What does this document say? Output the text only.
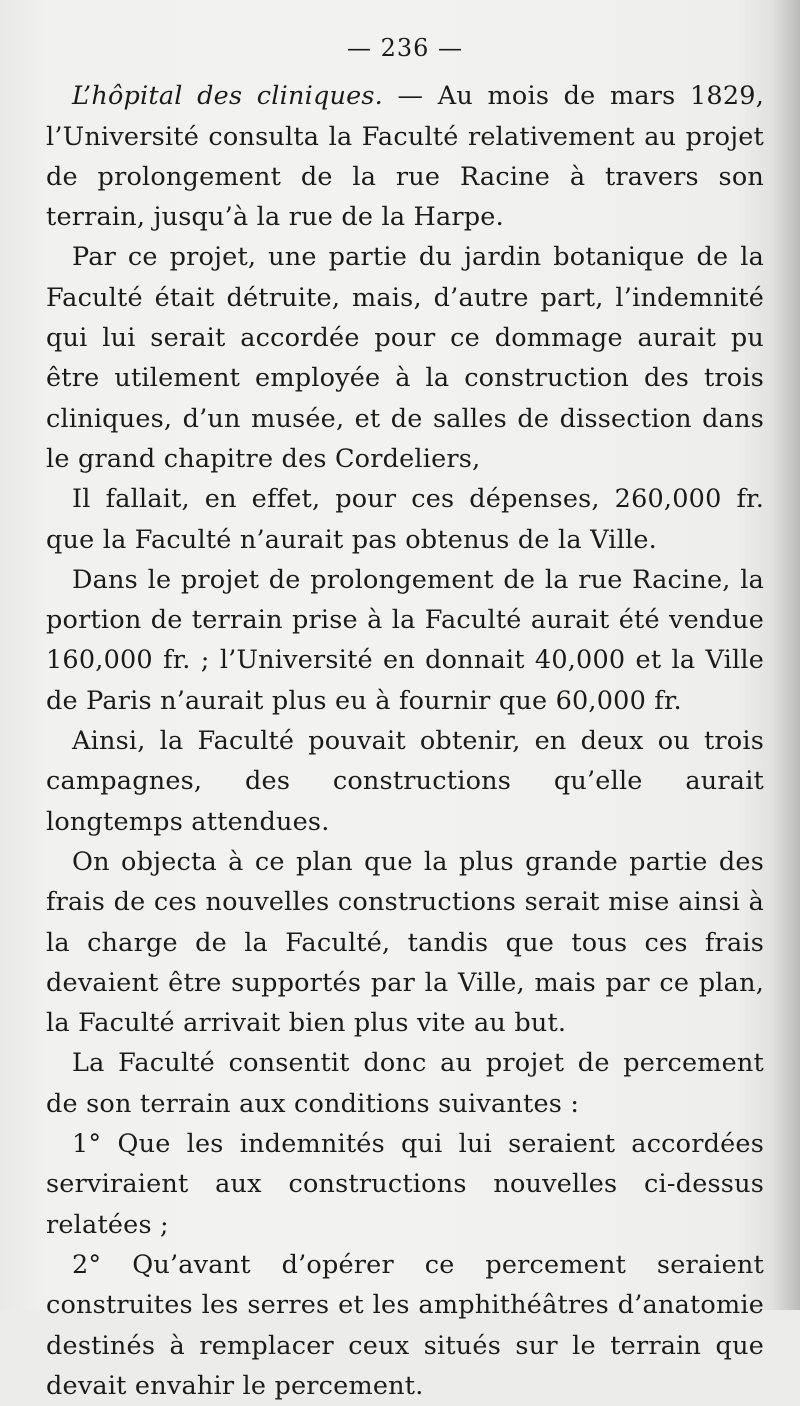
— 236 —

L’hôpital des cliniques. — Au mois de mars 1829, l’Université consulta la Faculté relativement au projet de prolongement de la rue Racine à travers son terrain, jusqu’à la rue de la Harpe.

Par ce projet, une partie du jardin botanique de la Faculté était détruite, mais, d’autre part, l’indemnité qui lui serait accordée pour ce dommage aurait pu être utilement employée à la construction des trois cliniques, d’un musée, et de salles de dissection dans le grand chapitre des Cordeliers,

Il fallait, en effet, pour ces dépenses, 260,000 fr. que la Faculté n’aurait pas obtenus de la Ville.

Dans le projet de prolongement de la rue Racine, la portion de terrain prise à la Faculté aurait été vendue 160,000 fr. ; l’Université en donnait 40,000 et la Ville de Paris n’aurait plus eu à fournir que 60,000 fr.

Ainsi, la Faculté pouvait obtenir, en deux ou trois campagnes, des constructions qu’elle aurait longtemps attendues.

On objecta à ce plan que la plus grande partie des frais de ces nouvelles constructions serait mise ainsi à la charge de la Faculté, tandis que tous ces frais devaient être supportés par la Ville, mais par ce plan, la Faculté arrivait bien plus vite au but.

La Faculté consentit donc au projet de percement de son terrain aux conditions suivantes :

1° Que les indemnités qui lui seraient accordées serviraient aux constructions nouvelles ci-dessus relatées ;

2° Qu’avant d’opérer ce percement seraient construites les serres et les amphithéâtres d’anatomie destinés à remplacer ceux situés sur le terrain que devait envahir le percement.
